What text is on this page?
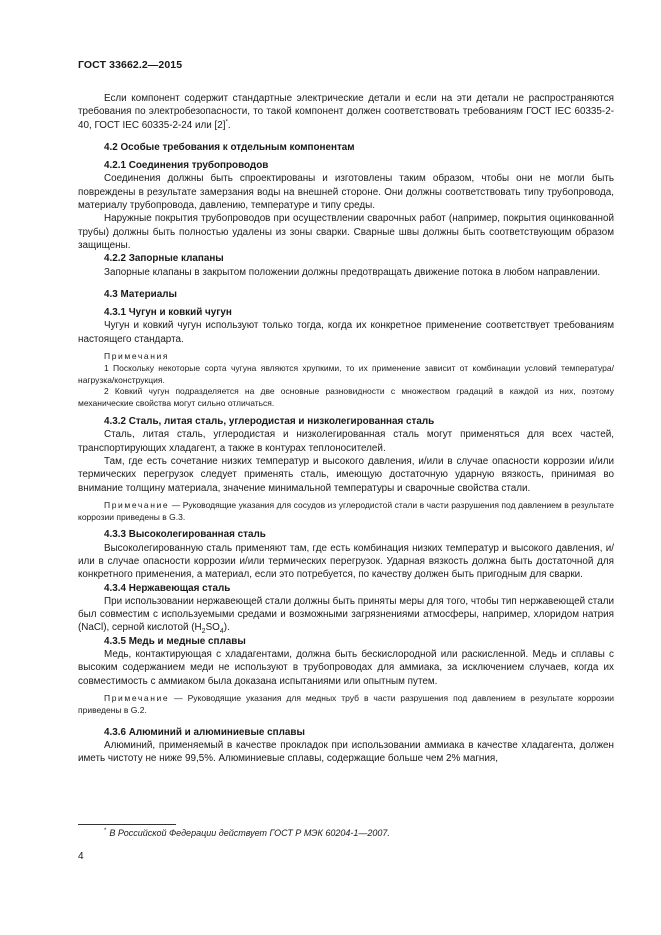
ГОСТ 33662.2—2015

Если компонент содержит стандартные электрические детали и если на эти детали не распространяются требования по электробезопасности, то такой компонент должен соответствовать требованиям ГОСТ IEC 60335-2-40, ГОСТ IEC 60335-2-24 или [2]*.

4.2 Особые требования к отдельным компонентам

4.2.1 Соединения трубопроводов

Соединения должны быть спроектированы и изготовлены таким образом, чтобы они не могли быть повреждены в результате замерзания воды на внешней стороне. Они должны соответствовать типу трубопровода, материалу трубопровода, давлению, температуре и типу среды.

Наружные покрытия трубопроводов при осуществлении сварочных работ (например, покрытия оцинкованной трубы) должны быть полностью удалены из зоны сварки. Сварные швы должны быть соответствующим образом защищены.

4.2.2 Запорные клапаны

Запорные клапаны в закрытом положении должны предотвращать движение потока в любом направлении.

4.3 Материалы

4.3.1 Чугун и ковкий чугун

Чугун и ковкий чугун используют только тогда, когда их конкретное применение соответствует требованиям настоящего стандарта.

Примечания

1 Поскольку некоторые сорта чугуна являются хрупкими, то их применение зависит от комбинации условий температура/нагрузка/конструкция.

2 Ковкий чугун подразделяется на две основные разновидности с множеством градаций в каждой из них, поэтому механические свойства могут сильно отличаться.

4.3.2 Сталь, литая сталь, углеродистая и низколегированная сталь

Сталь, литая сталь, углеродистая и низколегированная сталь могут применяться для всех частей, транспортирующих хладагент, а также в контурах теплоносителей.

Там, где есть сочетание низких температур и высокого давления, и/или в случае опасности коррозии и/или термических перегрузок следует применять сталь, имеющую достаточную ударную вязкость, принимая во внимание толщину материала, значение минимальной температуры и сварочные свойства стали.

Примечание — Руководящие указания для сосудов из углеродистой стали в части разрушения под давлением в результате коррозии приведены в G.3.

4.3.3 Высоколегированная сталь

Высоколегированную сталь применяют там, где есть комбинация низких температур и высокого давления, и/или в случае опасности коррозии и/или термических перегрузок. Ударная вязкость должна быть достаточной для конкретного применения, а материал, если это потребуется, по качеству должен быть пригодным для сварки.

4.3.4 Нержавеющая сталь

При использовании нержавеющей стали должны быть приняты меры для того, чтобы тип нержавеющей стали был совместим с используемыми средами и возможными загрязнениями атмосферы, например, хлоридом натрия (NaCl), серной кислотой $(H_2SO_4)$.

4.3.5 Медь и медные сплавы

Медь, контактирующая с хладагентами, должна быть бескислородной или раскисленной. Медь и сплавы с высоким содержанием меди не используют в трубопроводах для аммиака, за исключением случаев, когда их совместимость с аммиаком была доказана испытаниями или опытным путем.

Примечание — Руководящие указания для медных труб в части разрушения под давлением в результате коррозии приведены в G.2.

4.3.6 Алюминий и алюминиевые сплавы

Алюминий, применяемый в качестве прокладок при использовании аммиака в качестве хладагента, должен иметь чистоту не ниже 99,5%. Алюминиевые сплавы, содержащие больше чем 2% магния,

* В Российской Федерации действует ГОСТ Р МЭК 60204-1—2007.
4
